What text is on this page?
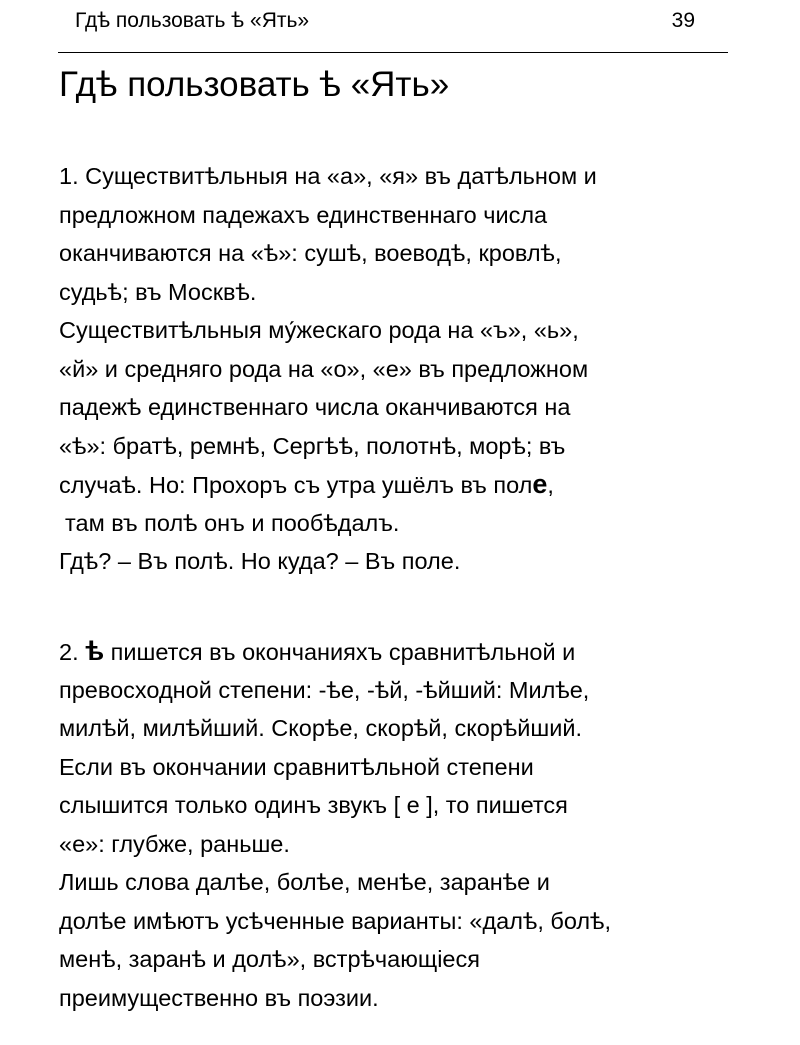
Гдѣ пользовать ѣ «Ять»	39
Гдѣ пользовать ѣ «Ять»
1. Существитѣльныя на «а», «я» въ датѣльном и
предложном падежахъ единственнаго числа
оканчиваются на «ѣ»: сушѣ, воеводѣ, кровлѣ,
судьѣ; въ Москвѣ.
Существитѣльныя му́жескаго рода на «ъ», «ь»,
«й» и средняго рода на «о», «е» въ предложном
падежѣ единственнаго числа оканчиваются на
«ѣ»: братѣ, ремнѣ, Сергѣѣ, полотнѣ, морѣ; въ
случаѣ. Но: Прохоръ съ утра ушёлъ въ поле,
там въ полѣ онъ и пообѣдалъ.
Гдѣ? – Въ полѣ. Но куда? – Въ поле.
2. ѣ пишется въ окончанияхъ сравнитѣльной и
превосходной степени: -ѣе, -ѣй, -ѣйший: Милѣе,
милѣй, милѣйший. Скорѣе, скорѣй, скорѣйший.
Если въ окончании сравнитѣльной степени
слышится только одинъ звукъ [ е ], то пишется
«е»: глубже, раньше.
Лишь слова далѣе, болѣе, менѣе, заранѣе и
долѣе имѣютъ усѣченные варианты: «далѣ, болѣ,
менѣ, заранѣ и долѣ», встрѣчающіеся
преимущественно въ поэзии.
